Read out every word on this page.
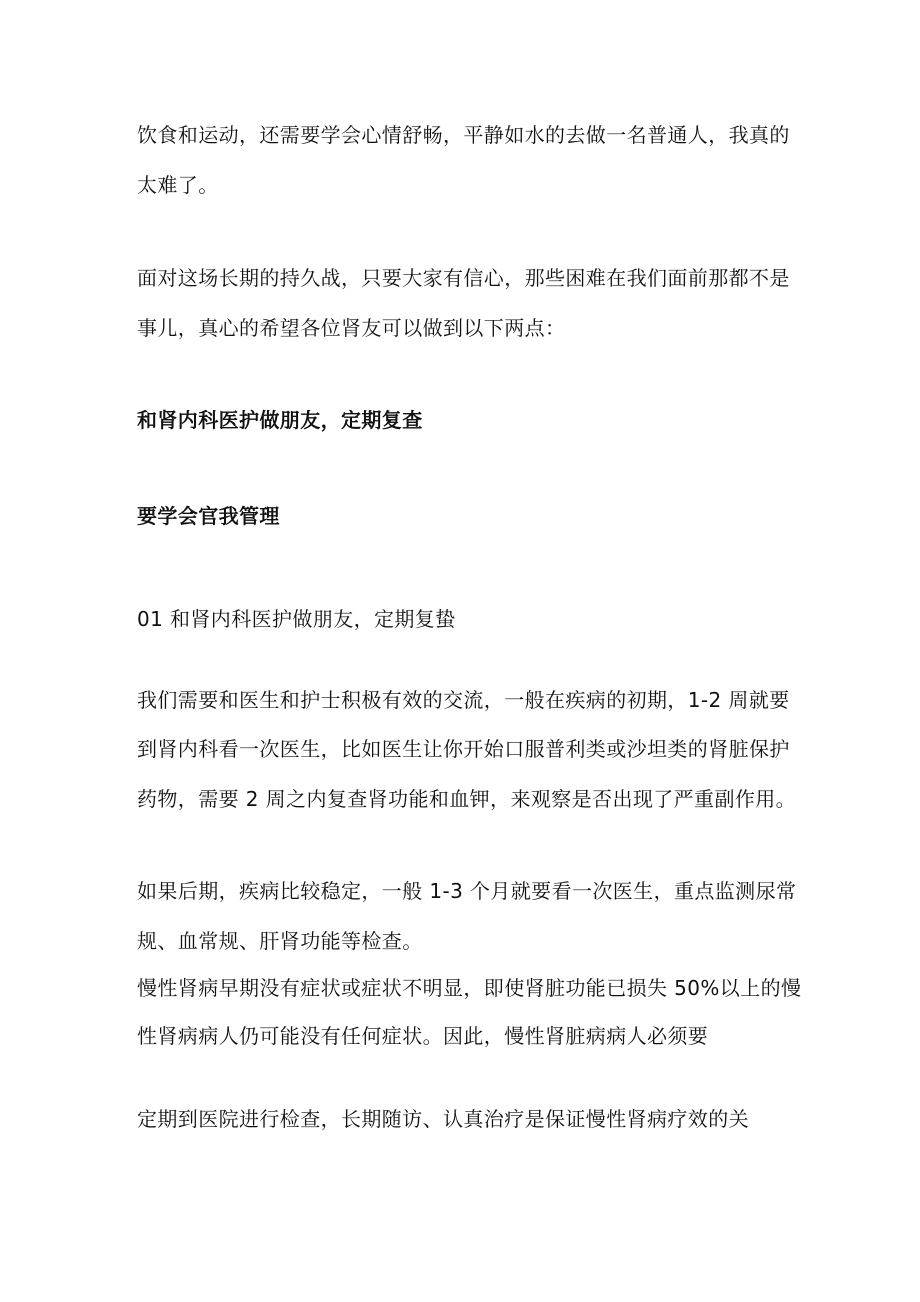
饮食和运动，还需要学会心情舒畅，平静如水的去做一名普通人，我真的
太难了。
面对这场长期的持久战，只要大家有信心，那些困难在我们面前那都不是
事儿，真心的希望各位肾友可以做到以下两点：
和肾内科医护做朋友，定期复查
要学会官我管理
01 和肾内科医护做朋友，定期复蛰
我们需要和医生和护士积极有效的交流，一般在疾病的初期，1-2 周就要
到肾内科看一次医生，比如医生让你开始口服普利类或沙坦类的肾脏保护
药物，需要 2 周之内复查肾功能和血钾，来观察是否出现了严重副作用。
如果后期，疾病比较稳定，一般 1-3 个月就要看一次医生，重点监测尿常
规、血常规、肝肾功能等检查。
慢性肾病早期没有症状或症状不明显，即使肾脏功能已损失 50%以上的慢
性肾病病人仍可能没有任何症状。因此，慢性肾脏病病人必须要
定期到医院进行检查，长期随访、认真治疗是保证慢性肾病疗效的关
